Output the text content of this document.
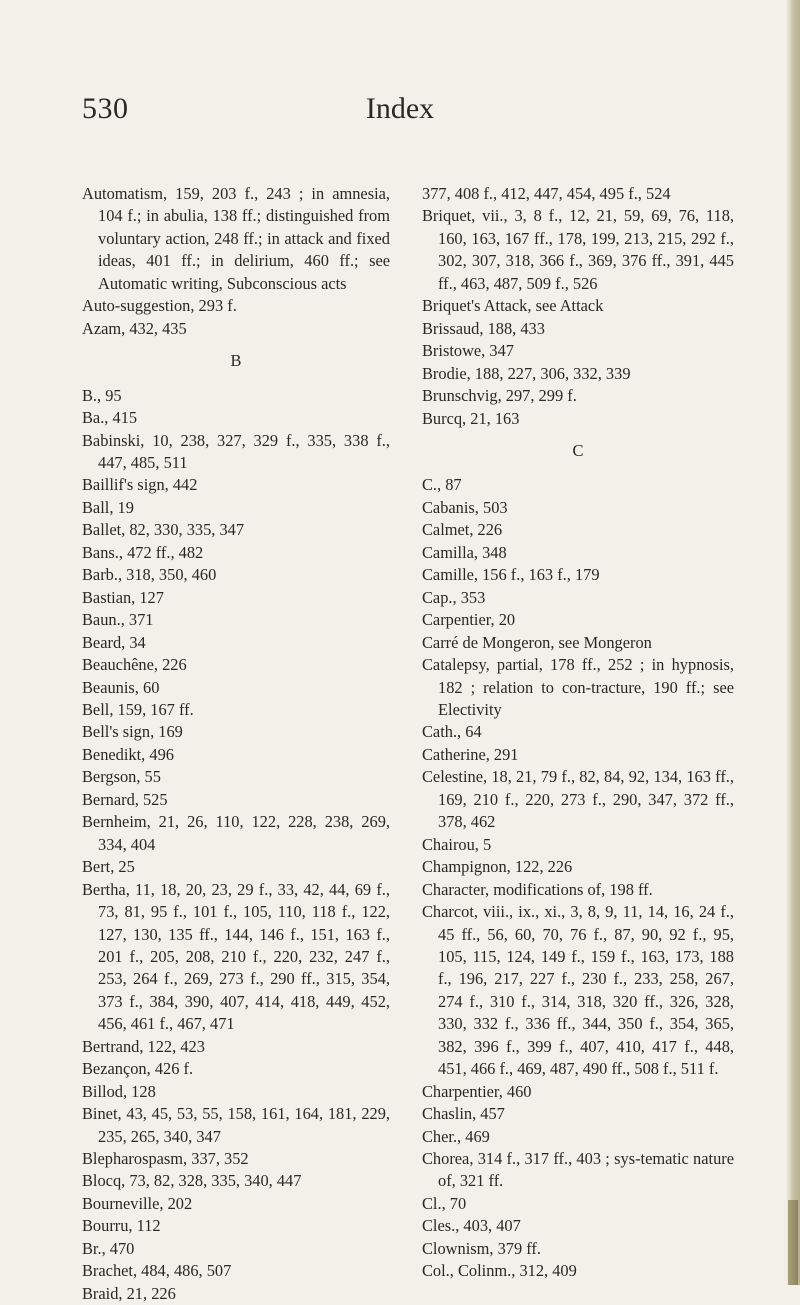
530	Index
Automatism, 159, 203 f., 243 ; in amnesia, 104 f.; in abulia, 138 ff.; distinguished from voluntary action, 248 ff.; in attack and fixed ideas, 401 ff.; in delirium, 460 ff.; see Automatic writing, Subconscious acts
Auto-suggestion, 293 f.
Azam, 432, 435
B
B., 95
Ba., 415
Babinski, 10, 238, 327, 329 f., 335, 338 f., 447, 485, 511
Baillif's sign, 442
Ball, 19
Ballet, 82, 330, 335, 347
Bans., 472 ff., 482
Barb., 318, 350, 460
Bastian, 127
Baun., 371
Beard, 34
Beauchêne, 226
Beaunis, 60
Bell, 159, 167 ff.
Bell's sign, 169
Benedikt, 496
Bergson, 55
Bernard, 525
Bernheim, 21, 26, 110, 122, 228, 238, 269, 334, 404
Bert, 25
Bertha, 11, 18, 20, 23, 29 f., 33, 42, 44, 69 f., 73, 81, 95 f., 101 f., 105, 110, 118 f., 122, 127, 130, 135 ff., 144, 146 f., 151, 163 f., 201 f., 205, 208, 210 f., 220, 232, 247 f., 253, 264 f., 269, 273 f., 290 ff., 315, 354, 373 f., 384, 390, 407, 414, 418, 449, 452, 456, 461 f., 467, 471
Bertrand, 122, 423
Bezançon, 426 f.
Billod, 128
Binet, 43, 45, 53, 55, 158, 161, 164, 181, 229, 235, 265, 340, 347
Blepharospasm, 337, 352
Blocq, 73, 82, 328, 335, 340, 447
Bourneville, 202
Bourru, 112
Br., 470
Brachet, 484, 486, 507
Braid, 21, 226
377, 408 f., 412, 447, 454, 495 f., 524
Briquet, vii., 3, 8 f., 12, 21, 59, 69, 76, 118, 160, 163, 167 ff., 178, 199, 213, 215, 292 f., 302, 307, 318, 366 f., 369, 376 ff., 391, 445 ff., 463, 487, 509 f., 526
Briquet's Attack, see Attack
Brissaud, 188, 433
Bristowe, 347
Brodie, 188, 227, 306, 332, 339
Brunschvig, 297, 299 f.
Burcq, 21, 163
C
C., 87
Cabanis, 503
Calmet, 226
Camilla, 348
Camille, 156 f., 163 f., 179
Cap., 353
Carpentier, 20
Carré de Mongeron, see Mongeron
Catalepsy, partial, 178 ff., 252 ; in hypnosis, 182 ; relation to con-tracture, 190 ff.; see Electivity
Cath., 64
Catherine, 291
Celestine, 18, 21, 79 f., 82, 84, 92, 134, 163 ff., 169, 210 f., 220, 273 f., 290, 347, 372 ff., 378, 462
Chairou, 5
Champignon, 122, 226
Character, modifications of, 198 ff.
Charcot, viii., ix., xi., 3, 8, 9, 11, 14, 16, 24 f., 45 ff., 56, 60, 70, 76 f., 87, 90, 92 f., 95, 105, 115, 124, 149 f., 159 f., 163, 173, 188 f., 196, 217, 227 f., 230 f., 233, 258, 267, 274 f., 310 f., 314, 318, 320 ff., 326, 328, 330, 332 f., 336 ff., 344, 350 f., 354, 365, 382, 396 f., 399 f., 407, 410, 417 f., 448, 451, 466 f., 469, 487, 490 ff., 508 f., 511 f.
Charpentier, 460
Chaslin, 457
Cher., 469
Chorea, 314 f., 317 ff., 403 ; sys-tematic nature of, 321 ff.
Cl., 70
Cles., 403, 407
Clownism, 379 ff.
Col., Colinm., 312, 409
